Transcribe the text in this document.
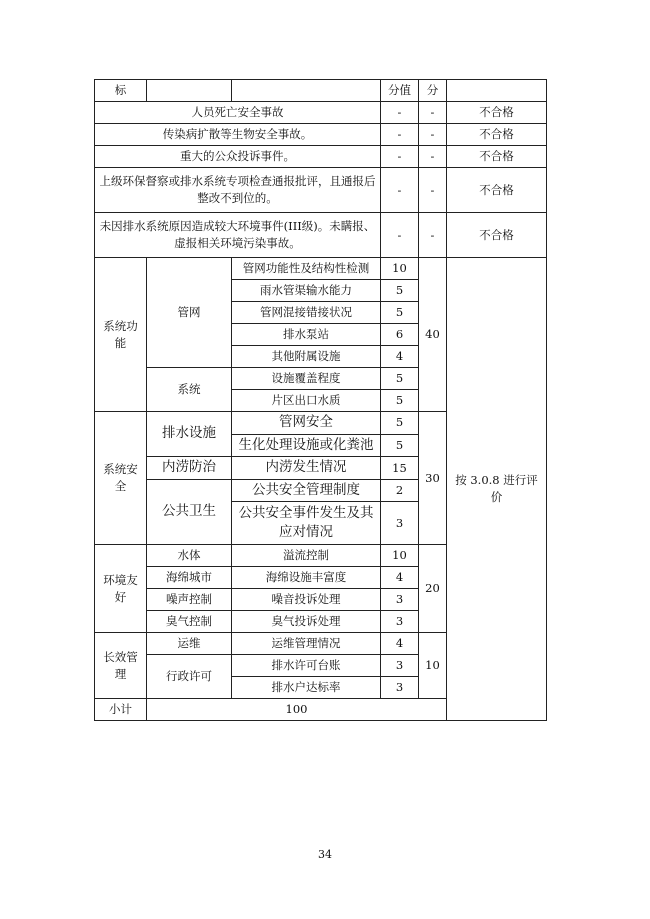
标			分值	分	
人员死亡安全事故			-	-	不合格
传染病扩散等生物安全事故。			-	-	不合格
重大的公众投诉事件。			-	-	不合格
上级环保督察或排水系统专项检查通报批评，且通报后整改不到位的。			-	-	不合格
未因排水系统原因造成较大环境事件(III级)。未瞒报、虚报相关环境污染事故。			-	-	不合格
系统功能	管网	管网功能性及结构性检测	10	40	按 3.0.8 进行评价
		雨水管渠输水能力	5		
		管网混接错接状况	5		
		排水泵站	6		
		其他附属设施	4		
	系统	设施覆盖程度	5		
		片区出口水质	5		
系统安全	排水设施	管网安全	5	30	
		生化处理设施或化粪池	5		
	内涝防治	内涝发生情况	15		
	公共卫生	公共安全管理制度	2		
		公共安全事件发生及其应对情况	3		

环境友好	水体	溢流控制	10	20	
	海绵城市	海绵设施丰富度	4		
	噪声控制	噪音投诉处理	3		
	臭气控制	臭气投诉处理	3		
长效管理	运维	运维管理情况	4	10	
	行政许可	排水许可台账	3		
		排水户达标率	3		
小计	100				
34
